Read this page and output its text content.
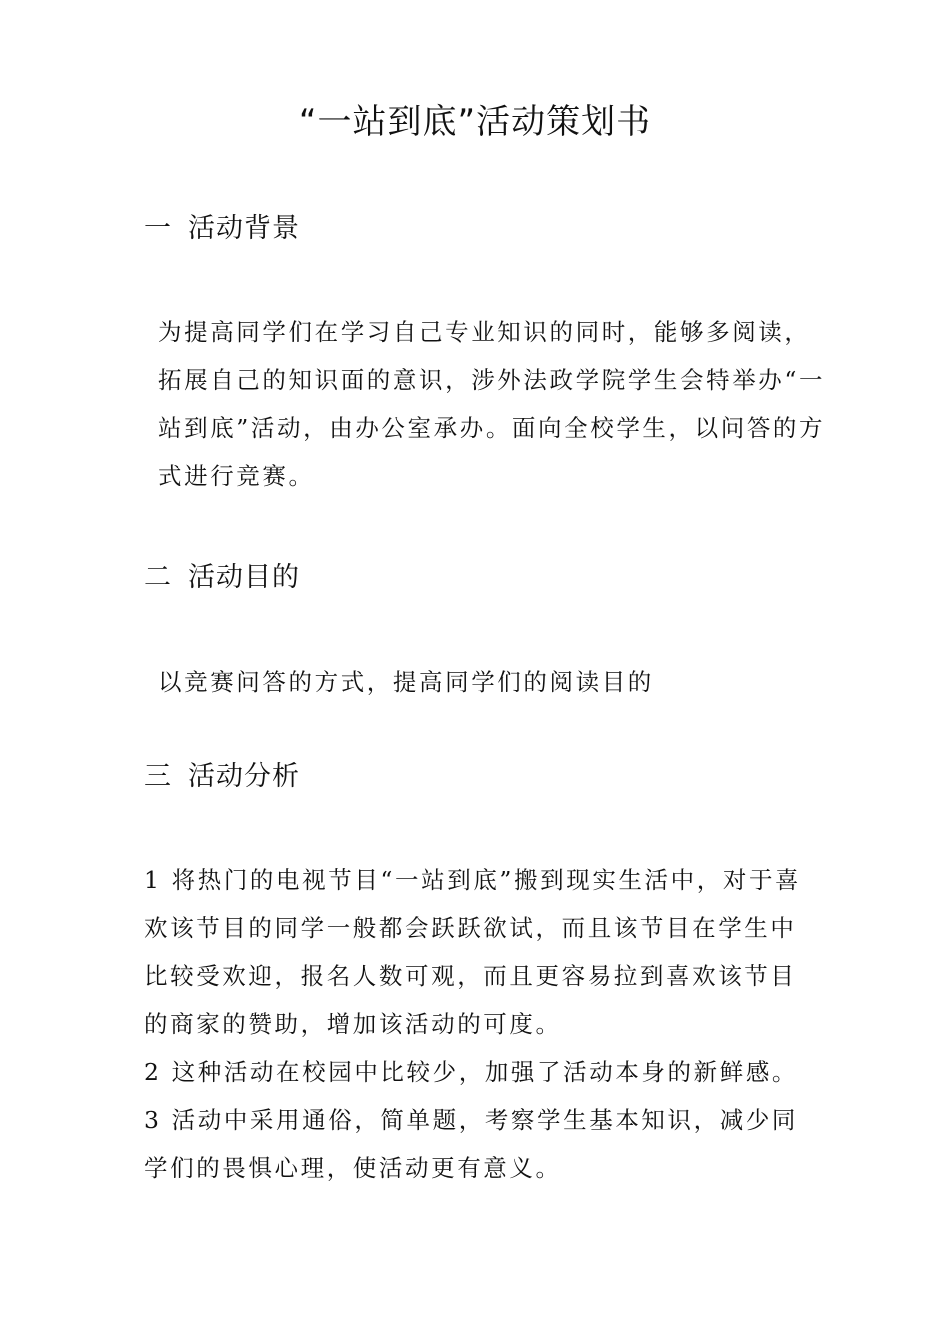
“一站到底”活动策划书
一 活动背景

为提高同学们在学习自己专业知识的同时，能够多阅读，拓展自己的知识面的意识，涉外法政学院学生会特举办“一站到底”活动，由办公室承办。面向全校学生，以问答的方式进行竞赛。

二 活动目的

以竞赛问答的方式，提高同学们的阅读目的

三 活动分析
1 将热门的电视节目“一站到底”搬到现实生活中，对于喜欢该节目的同学一般都会跃跃欲试，而且该节目在学生中比较受欢迎，报名人数可观，而且更容易拉到喜欢该节目的商家的赞助，增加该活动的可度。
2 这种活动在校园中比较少，加强了活动本身的新鲜感。
3 活动中采用通俗，简单题，考察学生基本知识，减少同学们的畏惧心理，使活动更有意义。
